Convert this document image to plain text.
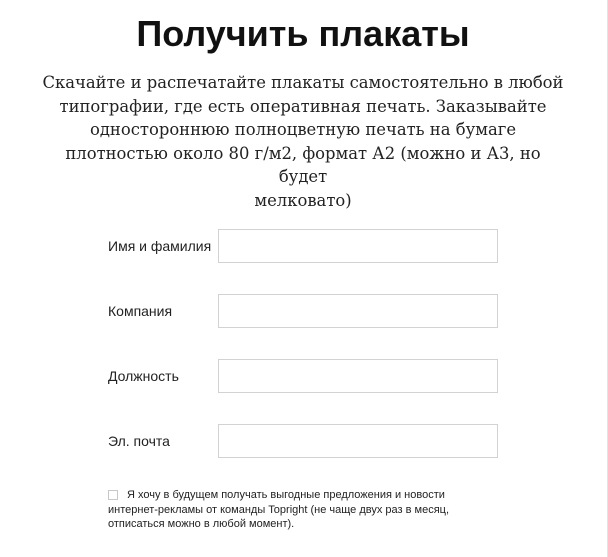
Получить плакаты

Скачайте и распечатайте плакаты самостоятельно в любой
типографии, где есть оперативная печать. Заказывайте
одностороннюю полноцветную печать на бумаге
плотностью около 80 г/м2, формат А2 (можно и А3, но будет
мелковато)

Имя и фамилия
Компания
Должность
Эл. почта

Я хочу в будущем получать выгодные предложения и новости
интернет-рекламы от команды Topright (не чаще двух раз в месяц,
отписаться можно в любой момент).
